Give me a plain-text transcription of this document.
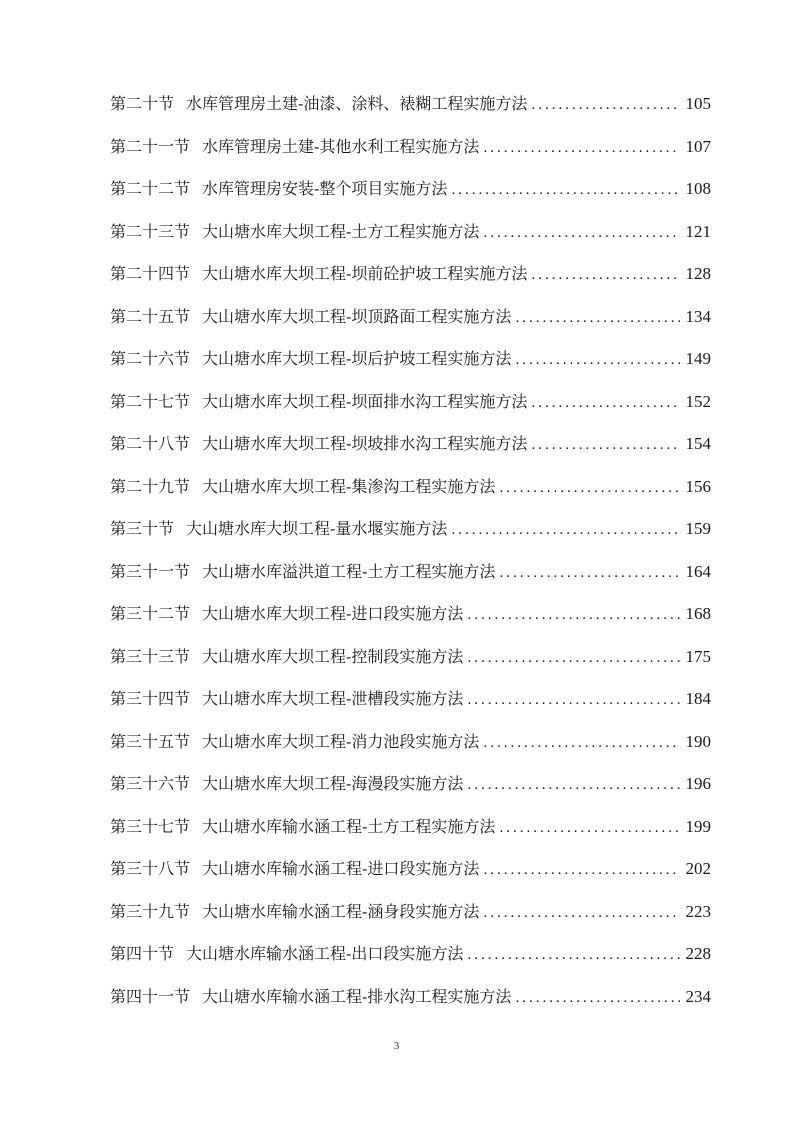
第二十节 水库管理房土建-油漆、涂料、裱糊工程实施方法 .....	105
第二十一节 水库管理房土建-其他水利工程实施方法 .....	107
第二十二节 水库管理房安装-整个项目实施方法 .....	108
第二十三节 大山塘水库大坝工程-土方工程实施方法 .....	121
第二十四节 大山塘水库大坝工程-坝前砼护坡工程实施方法 .....	128
第二十五节 大山塘水库大坝工程-坝顶路面工程实施方法 .....	134
第二十六节 大山塘水库大坝工程-坝后护坡工程实施方法 .....	149
第二十七节 大山塘水库大坝工程-坝面排水沟工程实施方法 .....	152
第二十八节 大山塘水库大坝工程-坝坡排水沟工程实施方法 .....	154
第二十九节 大山塘水库大坝工程-集渗沟工程实施方法 .....	156
第三十节 大山塘水库大坝工程-量水堰实施方法 .....	159
第三十一节 大山塘水库溢洪道工程-土方工程实施方法 .....	164
第三十二节 大山塘水库大坝工程-进口段实施方法 .....	168
第三十三节 大山塘水库大坝工程-控制段实施方法 .....	175
第三十四节 大山塘水库大坝工程-泄槽段实施方法 .....	184
第三十五节 大山塘水库大坝工程-消力池段实施方法 .....	190
第三十六节 大山塘水库大坝工程-海漫段实施方法 .....	196
第三十七节 大山塘水库输水涵工程-土方工程实施方法 .....	199
第三十八节 大山塘水库输水涵工程-进口段实施方法 .....	202
第三十九节 大山塘水库输水涵工程-涵身段实施方法 .....	223
第四十节 大山塘水库输水涵工程-出口段实施方法 .....	228
第四十一节 大山塘水库输水涵工程-排水沟工程实施方法 .....	234
3
